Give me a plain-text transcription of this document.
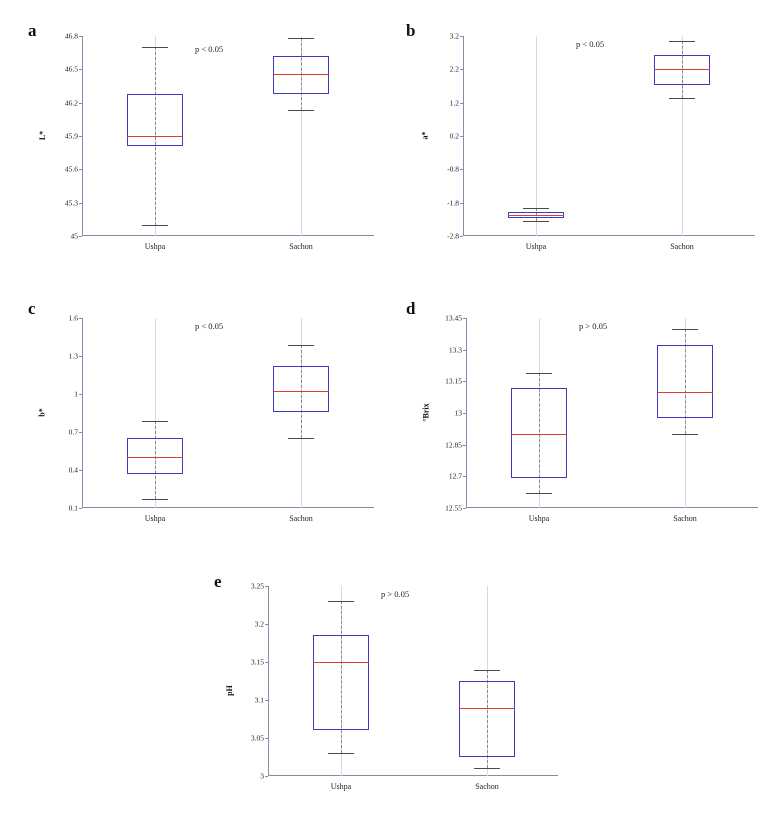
a
45
45.3
45.6
45.9
46.2
46.5
46.8
Ushpa	Sachon
p < 0.05
L*
b
-2.8
-1.8
-0.8
0.2
1.2
2.2
3.2
Ushpa	Sachon
p < 0.05
a*
c
0.1
0.4
0.7
1
1.3
1.6
Ushpa	Sachon
p < 0.05
b*
d
12.55
12.7
12.85
13
13.15
13.3
13.45
Ushpa	Sachon
p > 0.05
°Brix
e
3
3.05
3.1
3.15
3.2
3.25
Ushpa	Sachon
p > 0.05
pH
